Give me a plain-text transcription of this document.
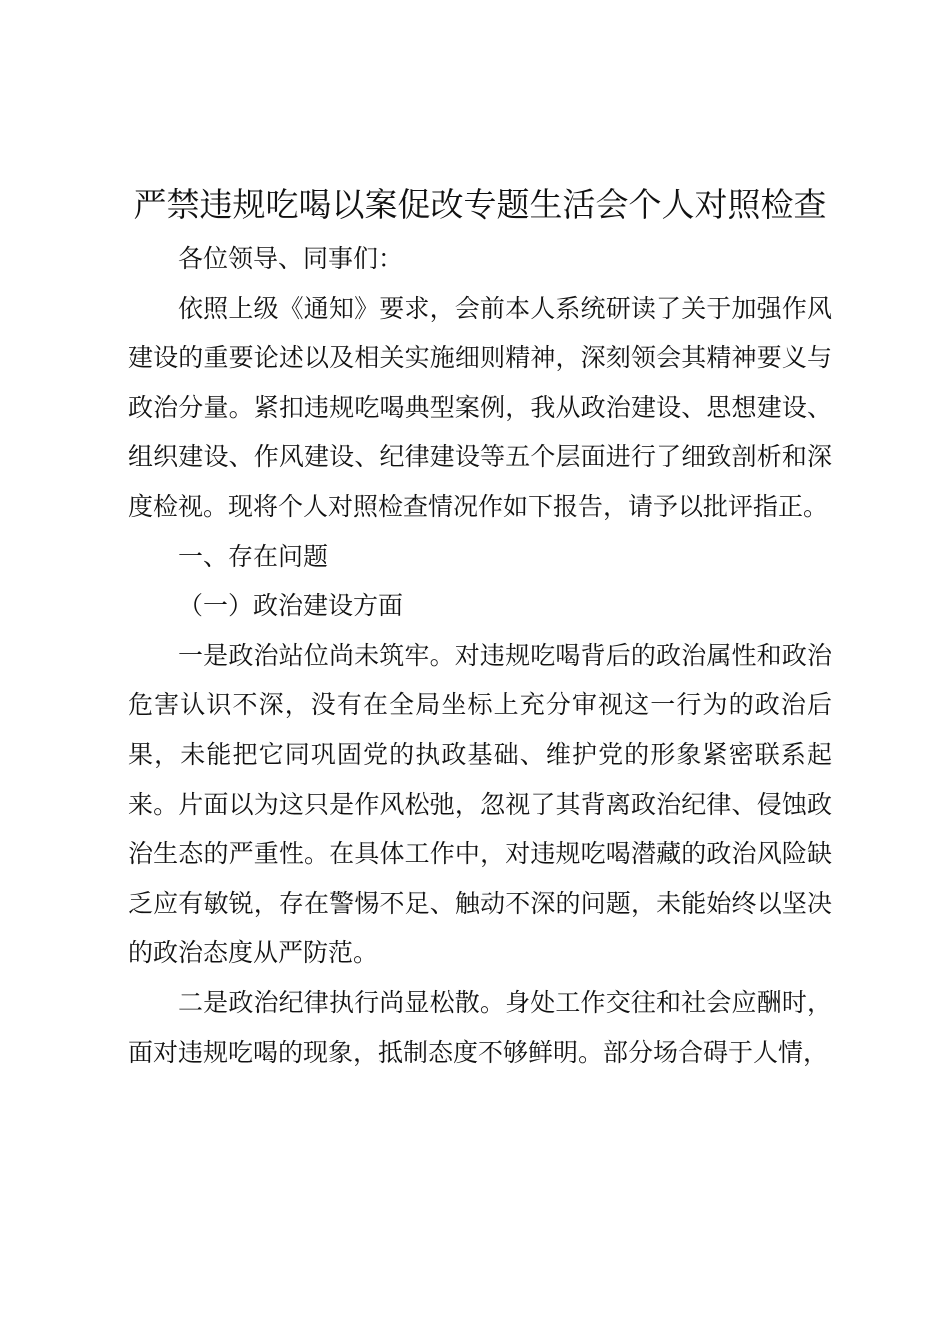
严禁违规吃喝以案促改专题生活会个人对照检查

各位领导、同事们：

依照上级《通知》要求，会前本人系统研读了关于加强作风建设的重要论述以及相关实施细则精神，深刻领会其精神要义与政治分量。紧扣违规吃喝典型案例，我从政治建设、思想建设、组织建设、作风建设、纪律建设等五个层面进行了细致剖析和深度检视。现将个人对照检查情况作如下报告，请予以批评指正。

一、存在问题

（一）政治建设方面

一是政治站位尚未筑牢。对违规吃喝背后的政治属性和政治危害认识不深，没有在全局坐标上充分审视这一行为的政治后果，未能把它同巩固党的执政基础、维护党的形象紧密联系起来。片面以为这只是作风松弛，忽视了其背离政治纪律、侵蚀政治生态的严重性。在具体工作中，对违规吃喝潜藏的政治风险缺乏应有敏锐，存在警惕不足、触动不深的问题，未能始终以坚决的政治态度从严防范。

二是政治纪律执行尚显松散。身处工作交往和社会应酬时，面对违规吃喝的现象，抵制态度不够鲜明。部分场合碍于人情，
